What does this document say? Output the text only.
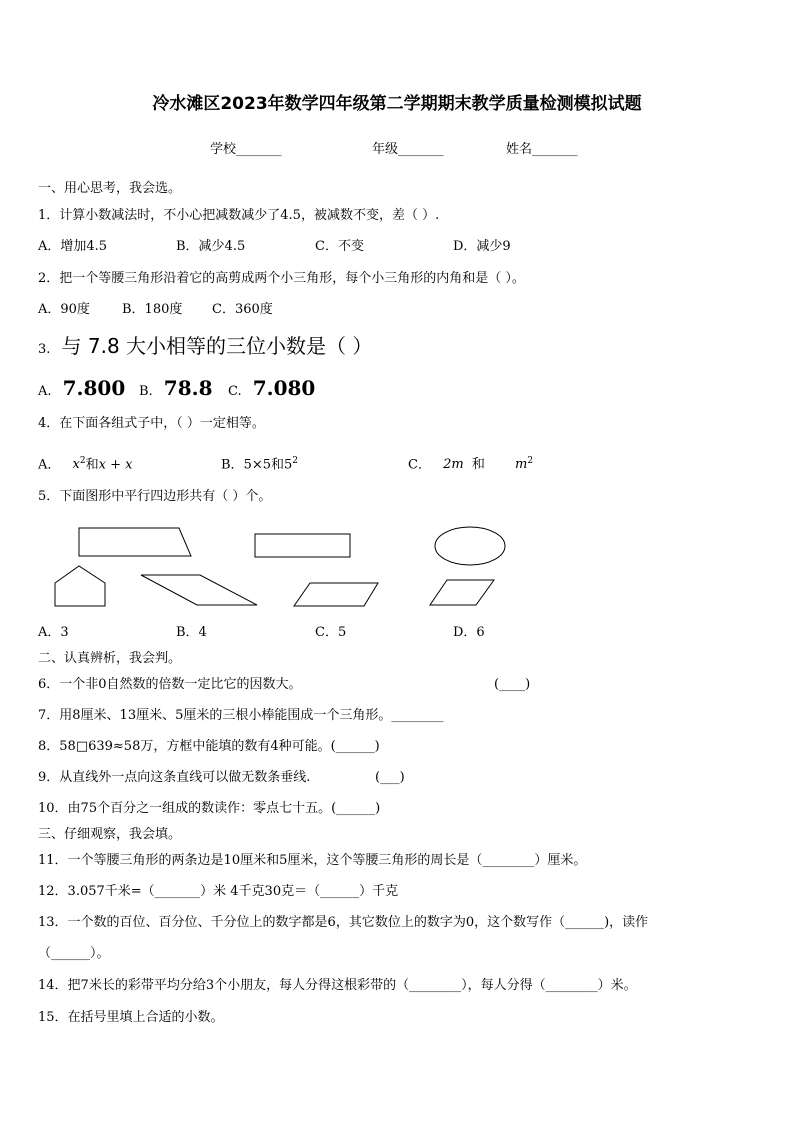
冷水滩区2023年数学四年级第二学期期末教学质量检测模拟试题
学校_______	年级_______	姓名_______
一、用心思考，我会选。
1．计算小数减法时，不小心把减数减少了4.5，被减数不变，差（ ）.
A．增加4.5	B．减少4.5	C．不变	D．减少9
2．把一个等腰三角形沿着它的高剪成两个小三角形，每个小三角形的内角和是（ ）。
A．90度 B．180度 C．360度
3. 与 7.8 大小相等的三位小数是（ ）
A. 7.800 B. 78.8 C. 7.080
4．在下面各组式子中，（ ）一定相等。
A． $x^2$和x + x	B．5×5和$5^2$	C． 2m 和 $m^2$
5．下面图形中平行四边形共有（ ）个。
A．3	B．4	C．5	D．6
二、认真辨析，我会判。
6．一个非0自然数的倍数一定比它的因数大。	(____)
7．用8厘米、13厘米、5厘米的三根小棒能围成一个三角形。________
8．58□639≈58万，方框中能填的数有4种可能。(______)
9．从直线外一点向这条直线可以做无数条垂线.	(___)
10．由75个百分之一组成的数读作：零点七十五。(______)
三、仔细观察，我会填。
11．一个等腰三角形的两条边是10厘米和5厘米，这个等腰三角形的周长是（________）厘米。
12．3.057千米=（_______）米 4千克30克＝（______）千克
13．一个数的百位、百分位、千分位上的数字都是6，其它数位上的数字为0，这个数写作（______)，读作
（______）。
14．把7米长的彩带平均分给3个小朋友，每人分得这根彩带的（________），每人分得（________）米。
15．在括号里填上合适的小数。
